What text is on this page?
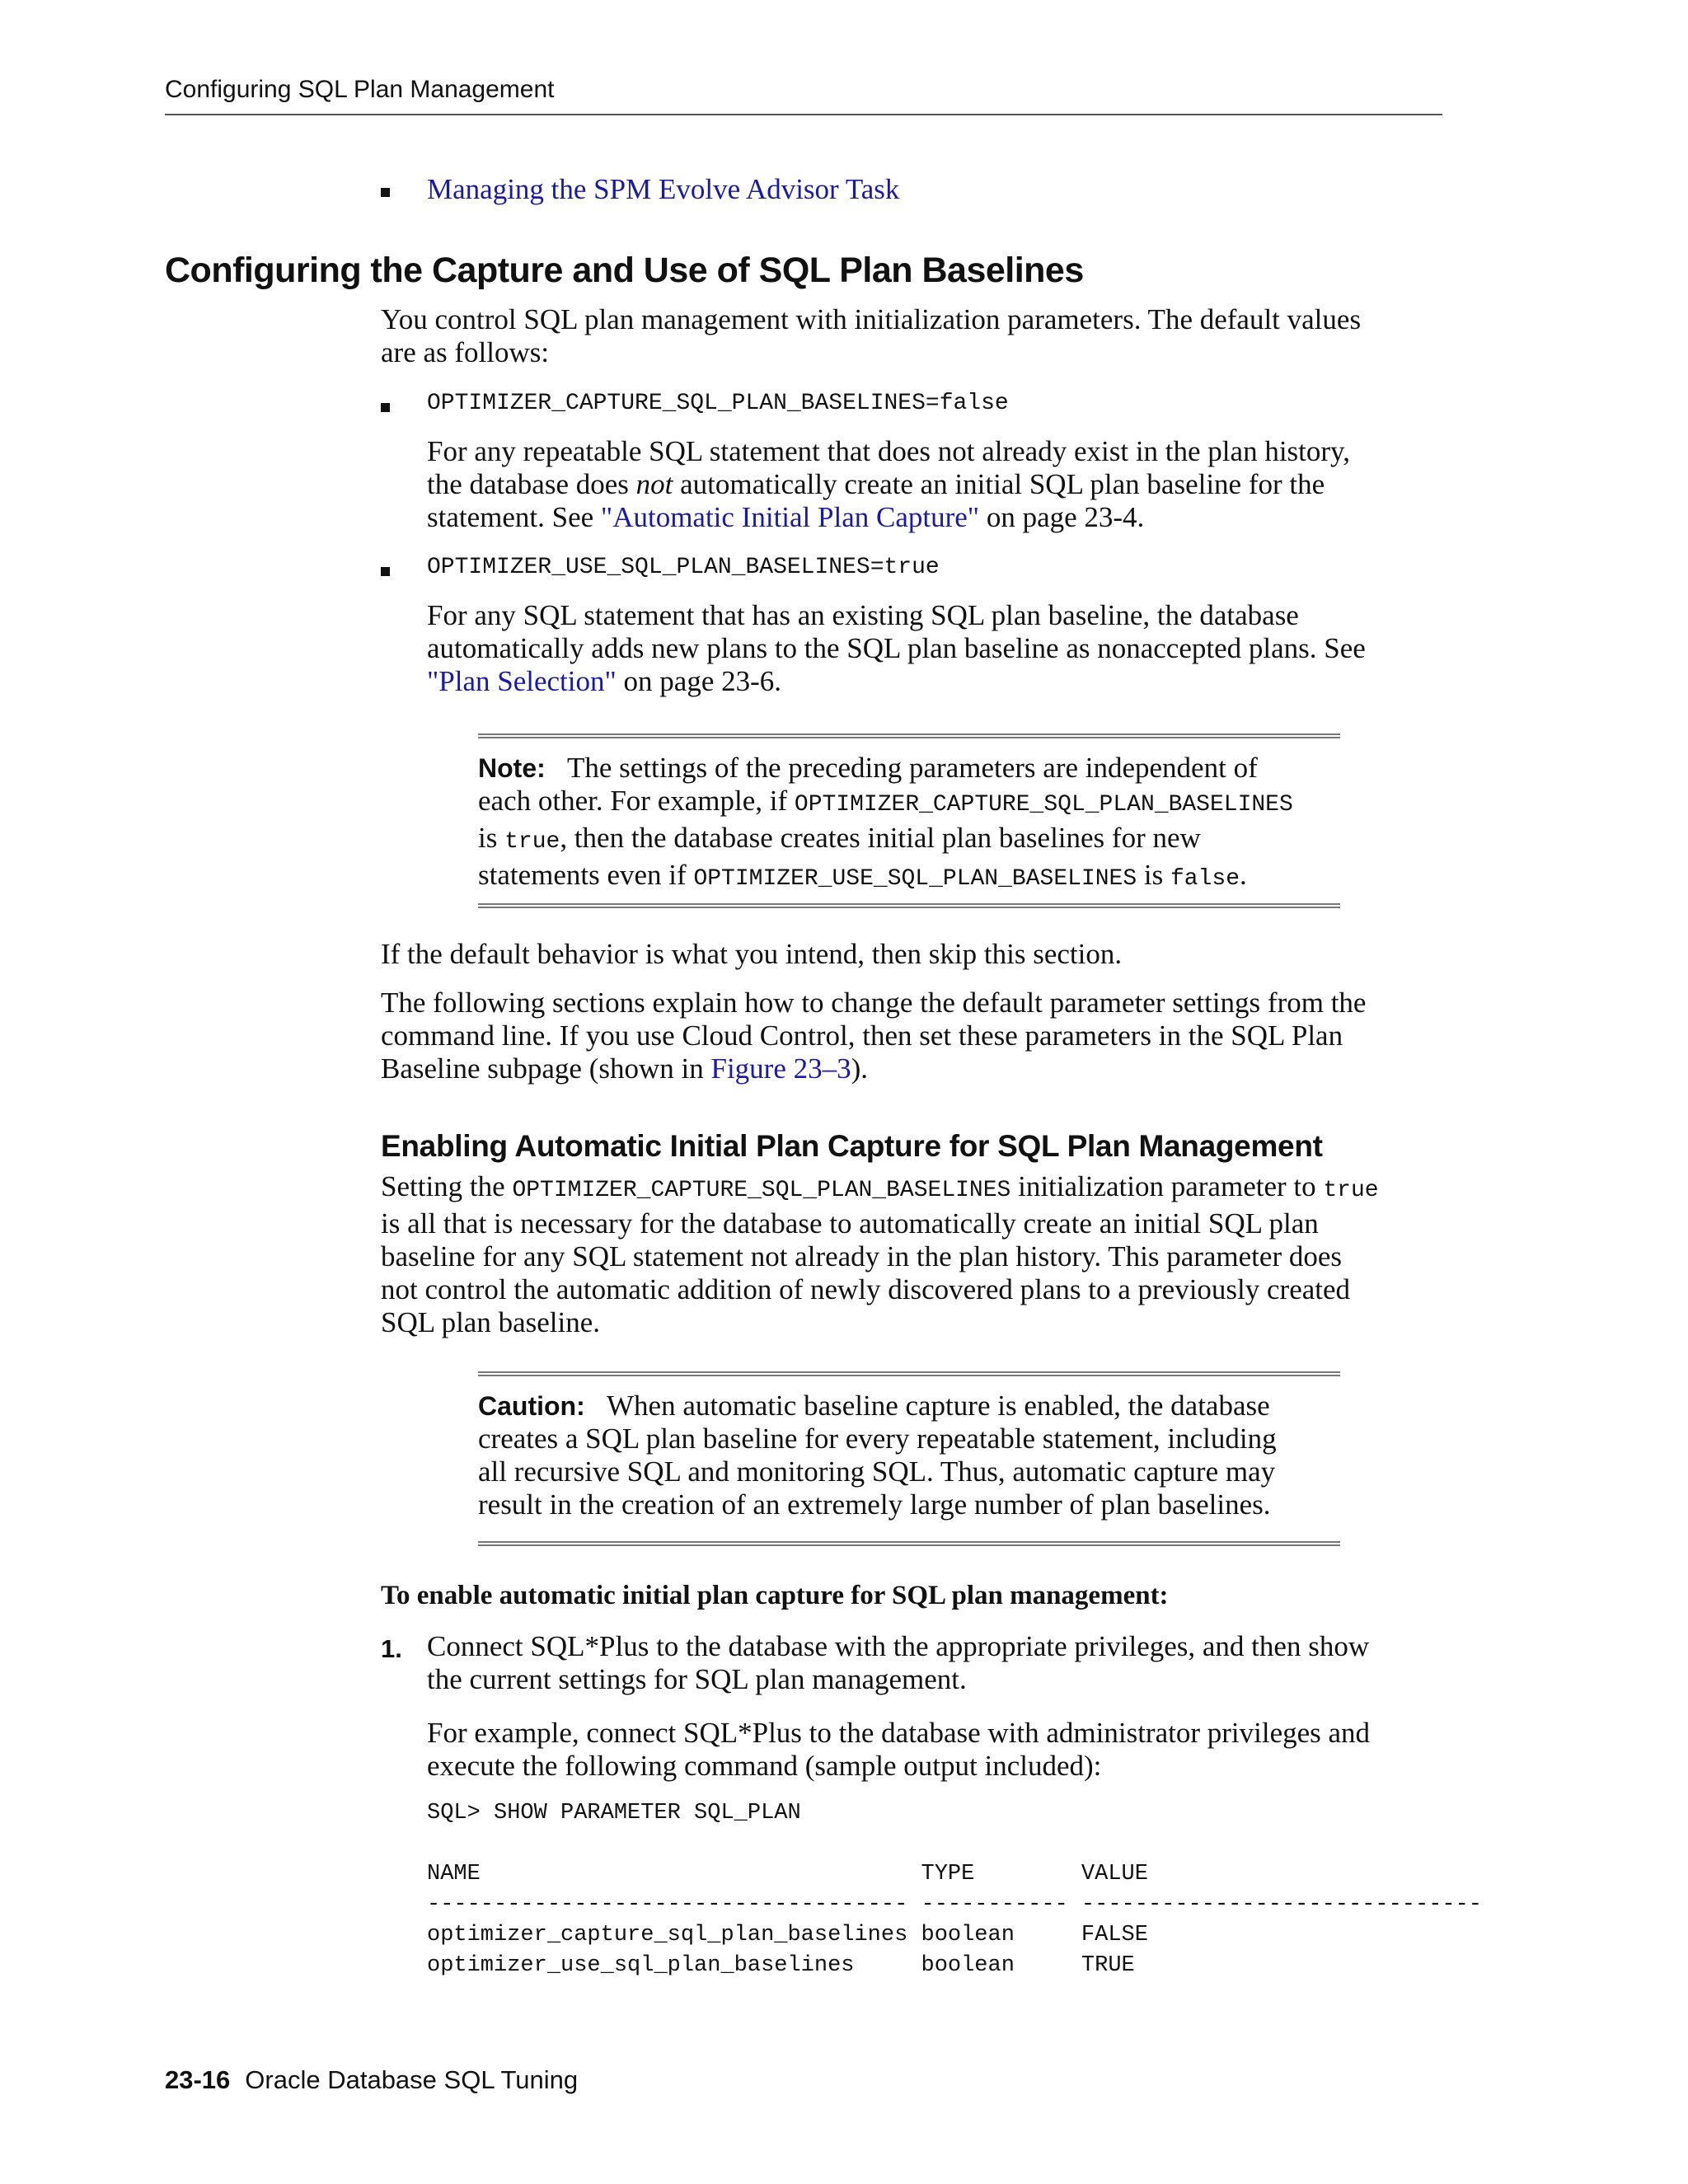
Configuring SQL Plan Management
Managing the SPM Evolve Advisor Task
Configuring the Capture and Use of SQL Plan Baselines
You control SQL plan management with initialization parameters. The default values
are as follows:
OPTIMIZER_CAPTURE_SQL_PLAN_BASELINES=false
For any repeatable SQL statement that does not already exist in the plan history,
the database does not automatically create an initial SQL plan baseline for the
statement. See "Automatic Initial Plan Capture" on page 23-4.
OPTIMIZER_USE_SQL_PLAN_BASELINES=true
For any SQL statement that has an existing SQL plan baseline, the database
automatically adds new plans to the SQL plan baseline as nonaccepted plans. See
"Plan Selection" on page 23-6.
Note: The settings of the preceding parameters are independent of
each other. For example, if OPTIMIZER_CAPTURE_SQL_PLAN_BASELINES
is true, then the database creates initial plan baselines for new
statements even if OPTIMIZER_USE_SQL_PLAN_BASELINES is false.
If the default behavior is what you intend, then skip this section.
The following sections explain how to change the default parameter settings from the
command line. If you use Cloud Control, then set these parameters in the SQL Plan
Baseline subpage (shown in Figure 23–3).
Enabling Automatic Initial Plan Capture for SQL Plan Management
Setting the OPTIMIZER_CAPTURE_SQL_PLAN_BASELINES initialization parameter to true
is all that is necessary for the database to automatically create an initial SQL plan
baseline for any SQL statement not already in the plan history. This parameter does
not control the automatic addition of newly discovered plans to a previously created
SQL plan baseline.
Caution: When automatic baseline capture is enabled, the database
creates a SQL plan baseline for every repeatable statement, including
all recursive SQL and monitoring SQL. Thus, automatic capture may
result in the creation of an extremely large number of plan baselines.
To enable automatic initial plan capture for SQL plan management:
1. Connect SQL*Plus to the database with the appropriate privileges, and then show
the current settings for SQL plan management.
For example, connect SQL*Plus to the database with administrator privileges and
execute the following command (sample output included):
SQL> SHOW PARAMETER SQL_PLAN

NAME                                 TYPE        VALUE
------------------------------------ ----------- ------------------------------
optimizer_capture_sql_plan_baselines boolean     FALSE
optimizer_use_sql_plan_baselines     boolean     TRUE
23-16 Oracle Database SQL Tuning
